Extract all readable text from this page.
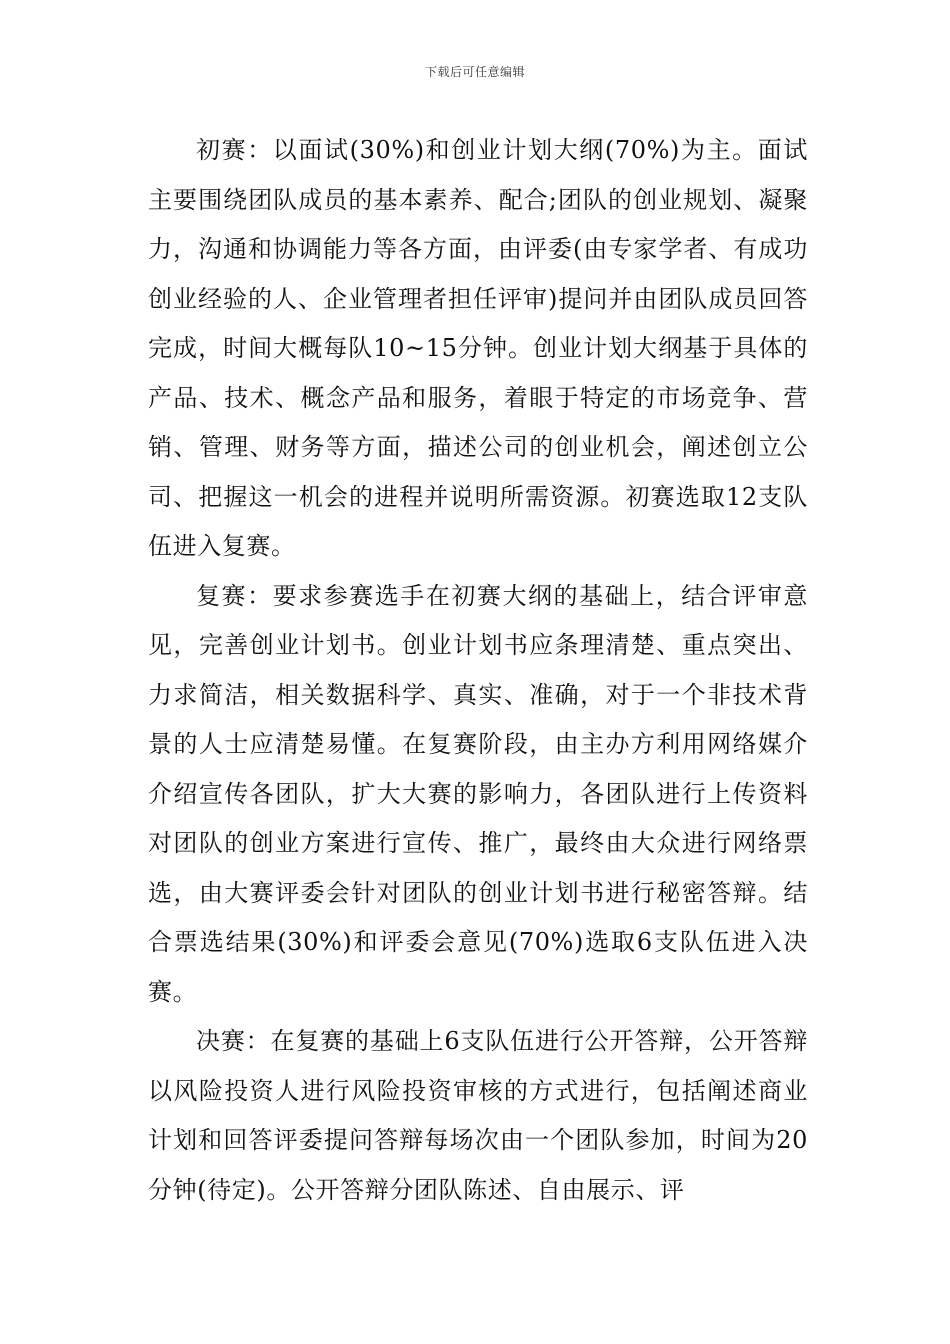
下载后可任意编辑

初赛：以面试(30%)和创业计划大纲(70%)为主。面试主要围绕团队成员的基本素养、配合;团队的创业规划、凝聚力，沟通和协调能力等各方面，由评委(由专家学者、有成功创业经验的人、企业管理者担任评审)提问并由团队成员回答完成，时间大概每队10~15分钟。创业计划大纲基于具体的产品、技术、概念产品和服务，着眼于特定的市场竞争、营销、管理、财务等方面，描述公司的创业机会，阐述创立公司、把握这一机会的进程并说明所需资源。初赛选取12支队伍进入复赛。

复赛：要求参赛选手在初赛大纲的基础上，结合评审意见，完善创业计划书。创业计划书应条理清楚、重点突出、力求简洁，相关数据科学、真实、准确，对于一个非技术背景的人士应清楚易懂。在复赛阶段，由主办方利用网络媒介介绍宣传各团队，扩大大赛的影响力，各团队进行上传资料对团队的创业方案进行宣传、推广，最终由大众进行网络票选，由大赛评委会针对团队的创业计划书进行秘密答辩。结合票选结果(30%)和评委会意见(70%)选取6支队伍进入决赛。

决赛：在复赛的基础上6支队伍进行公开答辩，公开答辩以风险投资人进行风险投资审核的方式进行，包括阐述商业计划和回答评委提问答辩每场次由一个团队参加，时间为20分钟(待定)。公开答辩分团队陈述、自由展示、评
